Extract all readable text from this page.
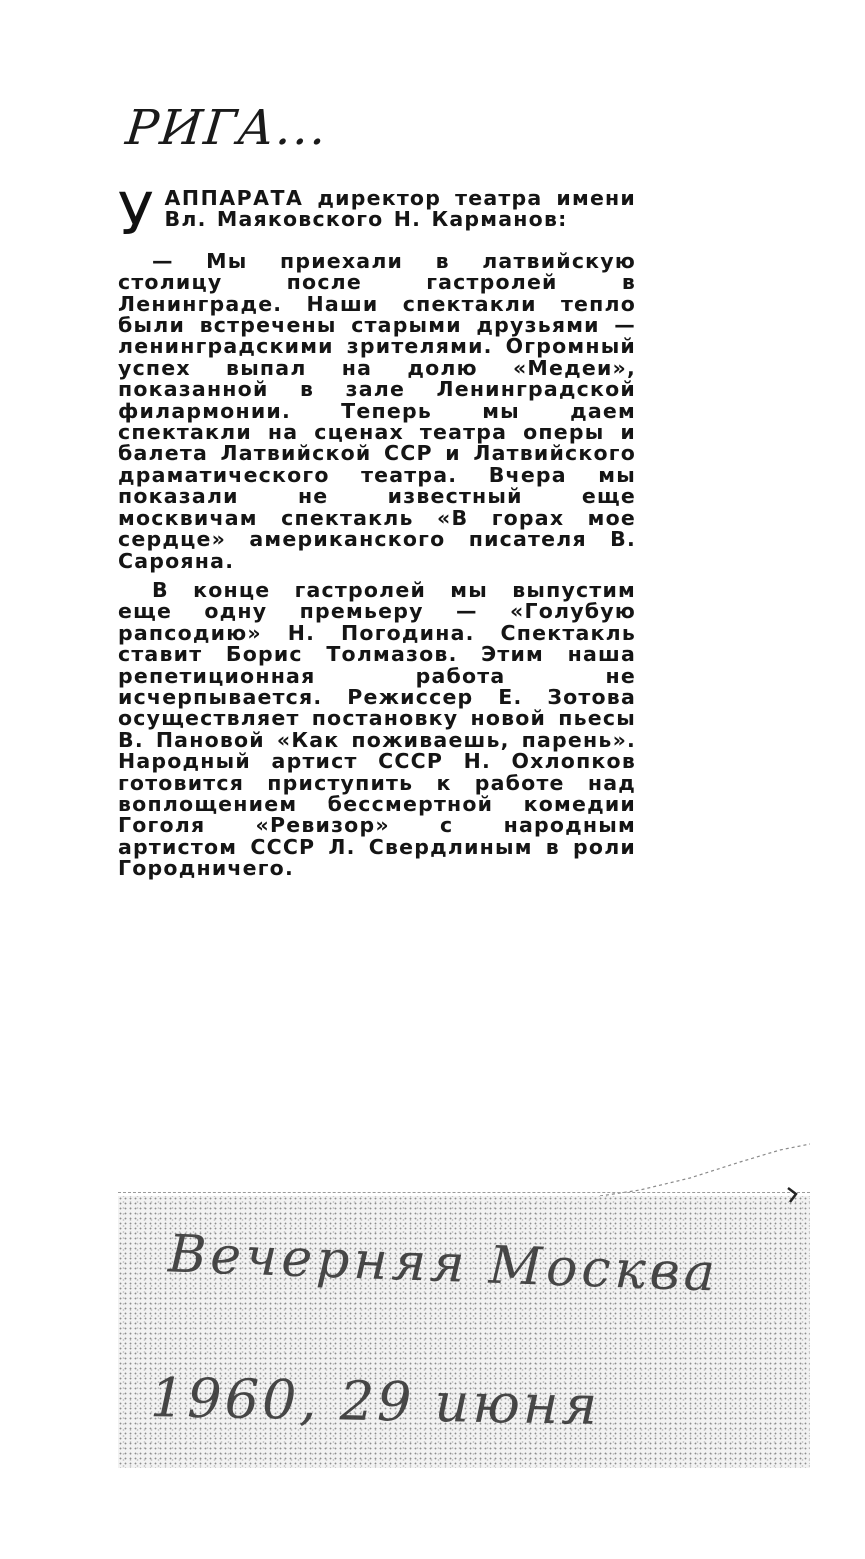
РИГА...

У АППАРАТА директор театра имени Вл. Маяковского Н. Карманов:

— Мы приехали в латвийскую столицу после гастролей в Ленинграде. Наши спектакли тепло были встречены старыми друзьями — ленинградскими зрителями. Огромный успех выпал на долю «Медеи», показанной в зале Ленинградской филармонии. Теперь мы даем спектакли на сценах театра оперы и балета Латвийской ССР и Латвийского драматического театра. Вчера мы показали не известный еще москвичам спектакль «В горах мое сердце» американского писателя В. Сарояна.

В конце гастролей мы выпустим еще одну премьеру — «Голубую рапсодию» Н. Погодина. Спектакль ставит Борис Толмазов. Этим наша репетиционная работа не исчерпывается. Режиссер Е. Зотова осуществляет постановку новой пьесы В. Пановой «Как поживаешь, парень». Народный артист СССР Н. Охлопков готовится приступить к работе над воплощением бессмертной комедии Гоголя «Ревизор» с народным артистом СССР Л. Свердлиным в роли Городничего.

Вечерняя Москва

1960, 29 июня
